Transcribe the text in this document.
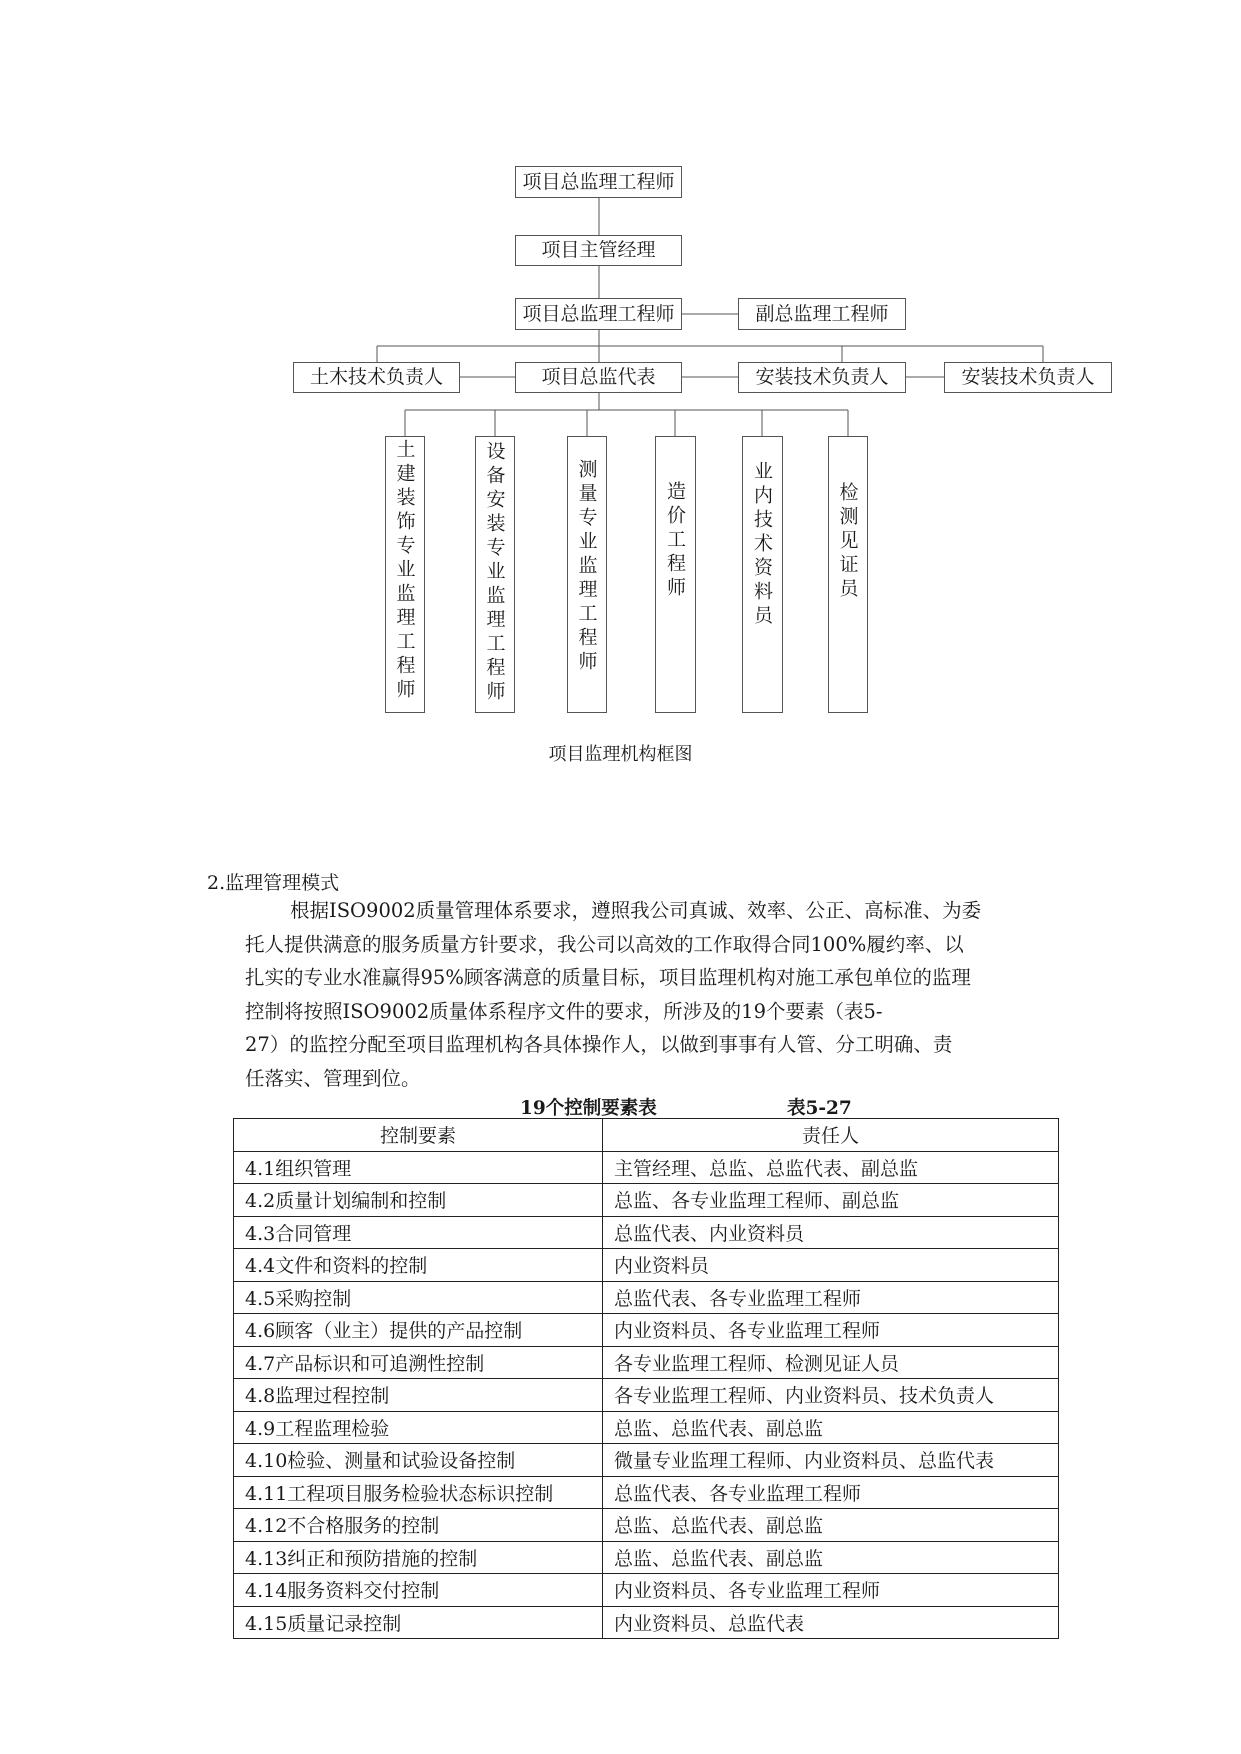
项目总监理工程师
项目主管经理
项目总监理工程师	副总监理工程师
土木技术负责人	项目总监代表	安装技术负责人	安装技术负责人
土建装饰专业监理工程师	设备安装专业监理工程师	测量专业监理工程师	造价工程师	业内技术资料员	检测见证员
项目监理机构框图
2.监理管理模式
根据ISO9002质量管理体系要求，遵照我公司真诚、效率、公正、高标准、为委
托人提供满意的服务质量方针要求，我公司以高效的工作取得合同100%履约率、以
扎实的专业水准赢得95%顾客满意的质量目标，项目监理机构对施工承包单位的监理
控制将按照ISO9002质量体系程序文件的要求，所涉及的19个要素（表5-
27）的监控分配至项目监理机构各具体操作人，以做到事事有人管、分工明确、责
任落实、管理到位。
19个控制要素表	表5-27
控制要素	责任人
4.1组织管理	主管经理、总监、总监代表、副总监
4.2质量计划编制和控制	总监、各专业监理工程师、副总监
4.3合同管理	总监代表、内业资料员
4.4文件和资料的控制	内业资料员
4.5采购控制	总监代表、各专业监理工程师
4.6顾客（业主）提供的产品控制	内业资料员、各专业监理工程师
4.7产品标识和可追溯性控制	各专业监理工程师、检测见证人员
4.8监理过程控制	各专业监理工程师、内业资料员、技术负责人
4.9工程监理检验	总监、总监代表、副总监
4.10检验、测量和试验设备控制	微量专业监理工程师、内业资料员、总监代表
4.11工程项目服务检验状态标识控制	总监代表、各专业监理工程师
4.12不合格服务的控制	总监、总监代表、副总监
4.13纠正和预防措施的控制	总监、总监代表、副总监
4.14服务资料交付控制	内业资料员、各专业监理工程师
4.15质量记录控制	内业资料员、总监代表
